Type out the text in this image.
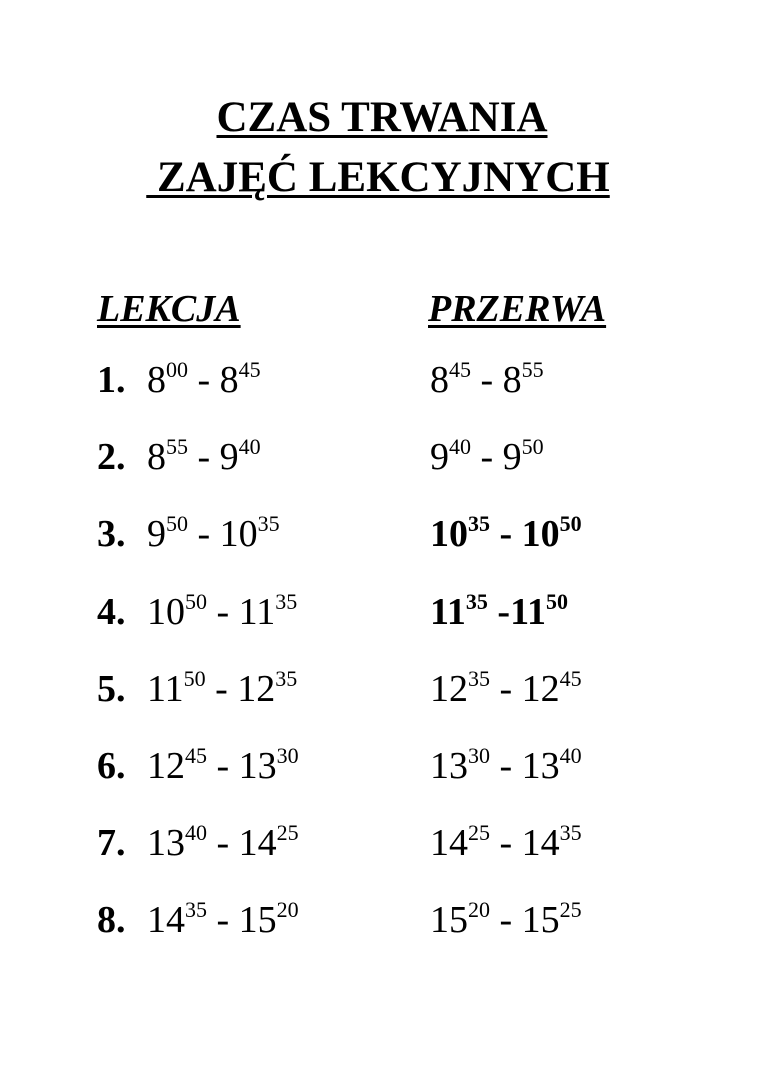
CZAS TRWANIA
ZAJĘĆ LEKCYJNYCH
LEKCJA	PRZERWA
1. $8^{00} - 8^{45}$	$8^{45} - 8^{55}$
2. $8^{55} - 9^{40}$	$9^{40} - 9^{50}$
3. $9^{50} - 10^{35}$	$10^{35} - 10^{50}$
4. $10^{50} - 11^{35}$	$11^{35}$ $-11^{50}$
5. $11^{50} - 12^{35}$	$12^{35} - 12^{45}$
6. $12^{45} - 13^{30}$	$13^{30} - 13^{40}$
7. $13^{40} - 14^{25}$	$14^{25} - 14^{35}$
8. $14^{35} - 15^{20}$	$15^{20} - 15^{25}$
